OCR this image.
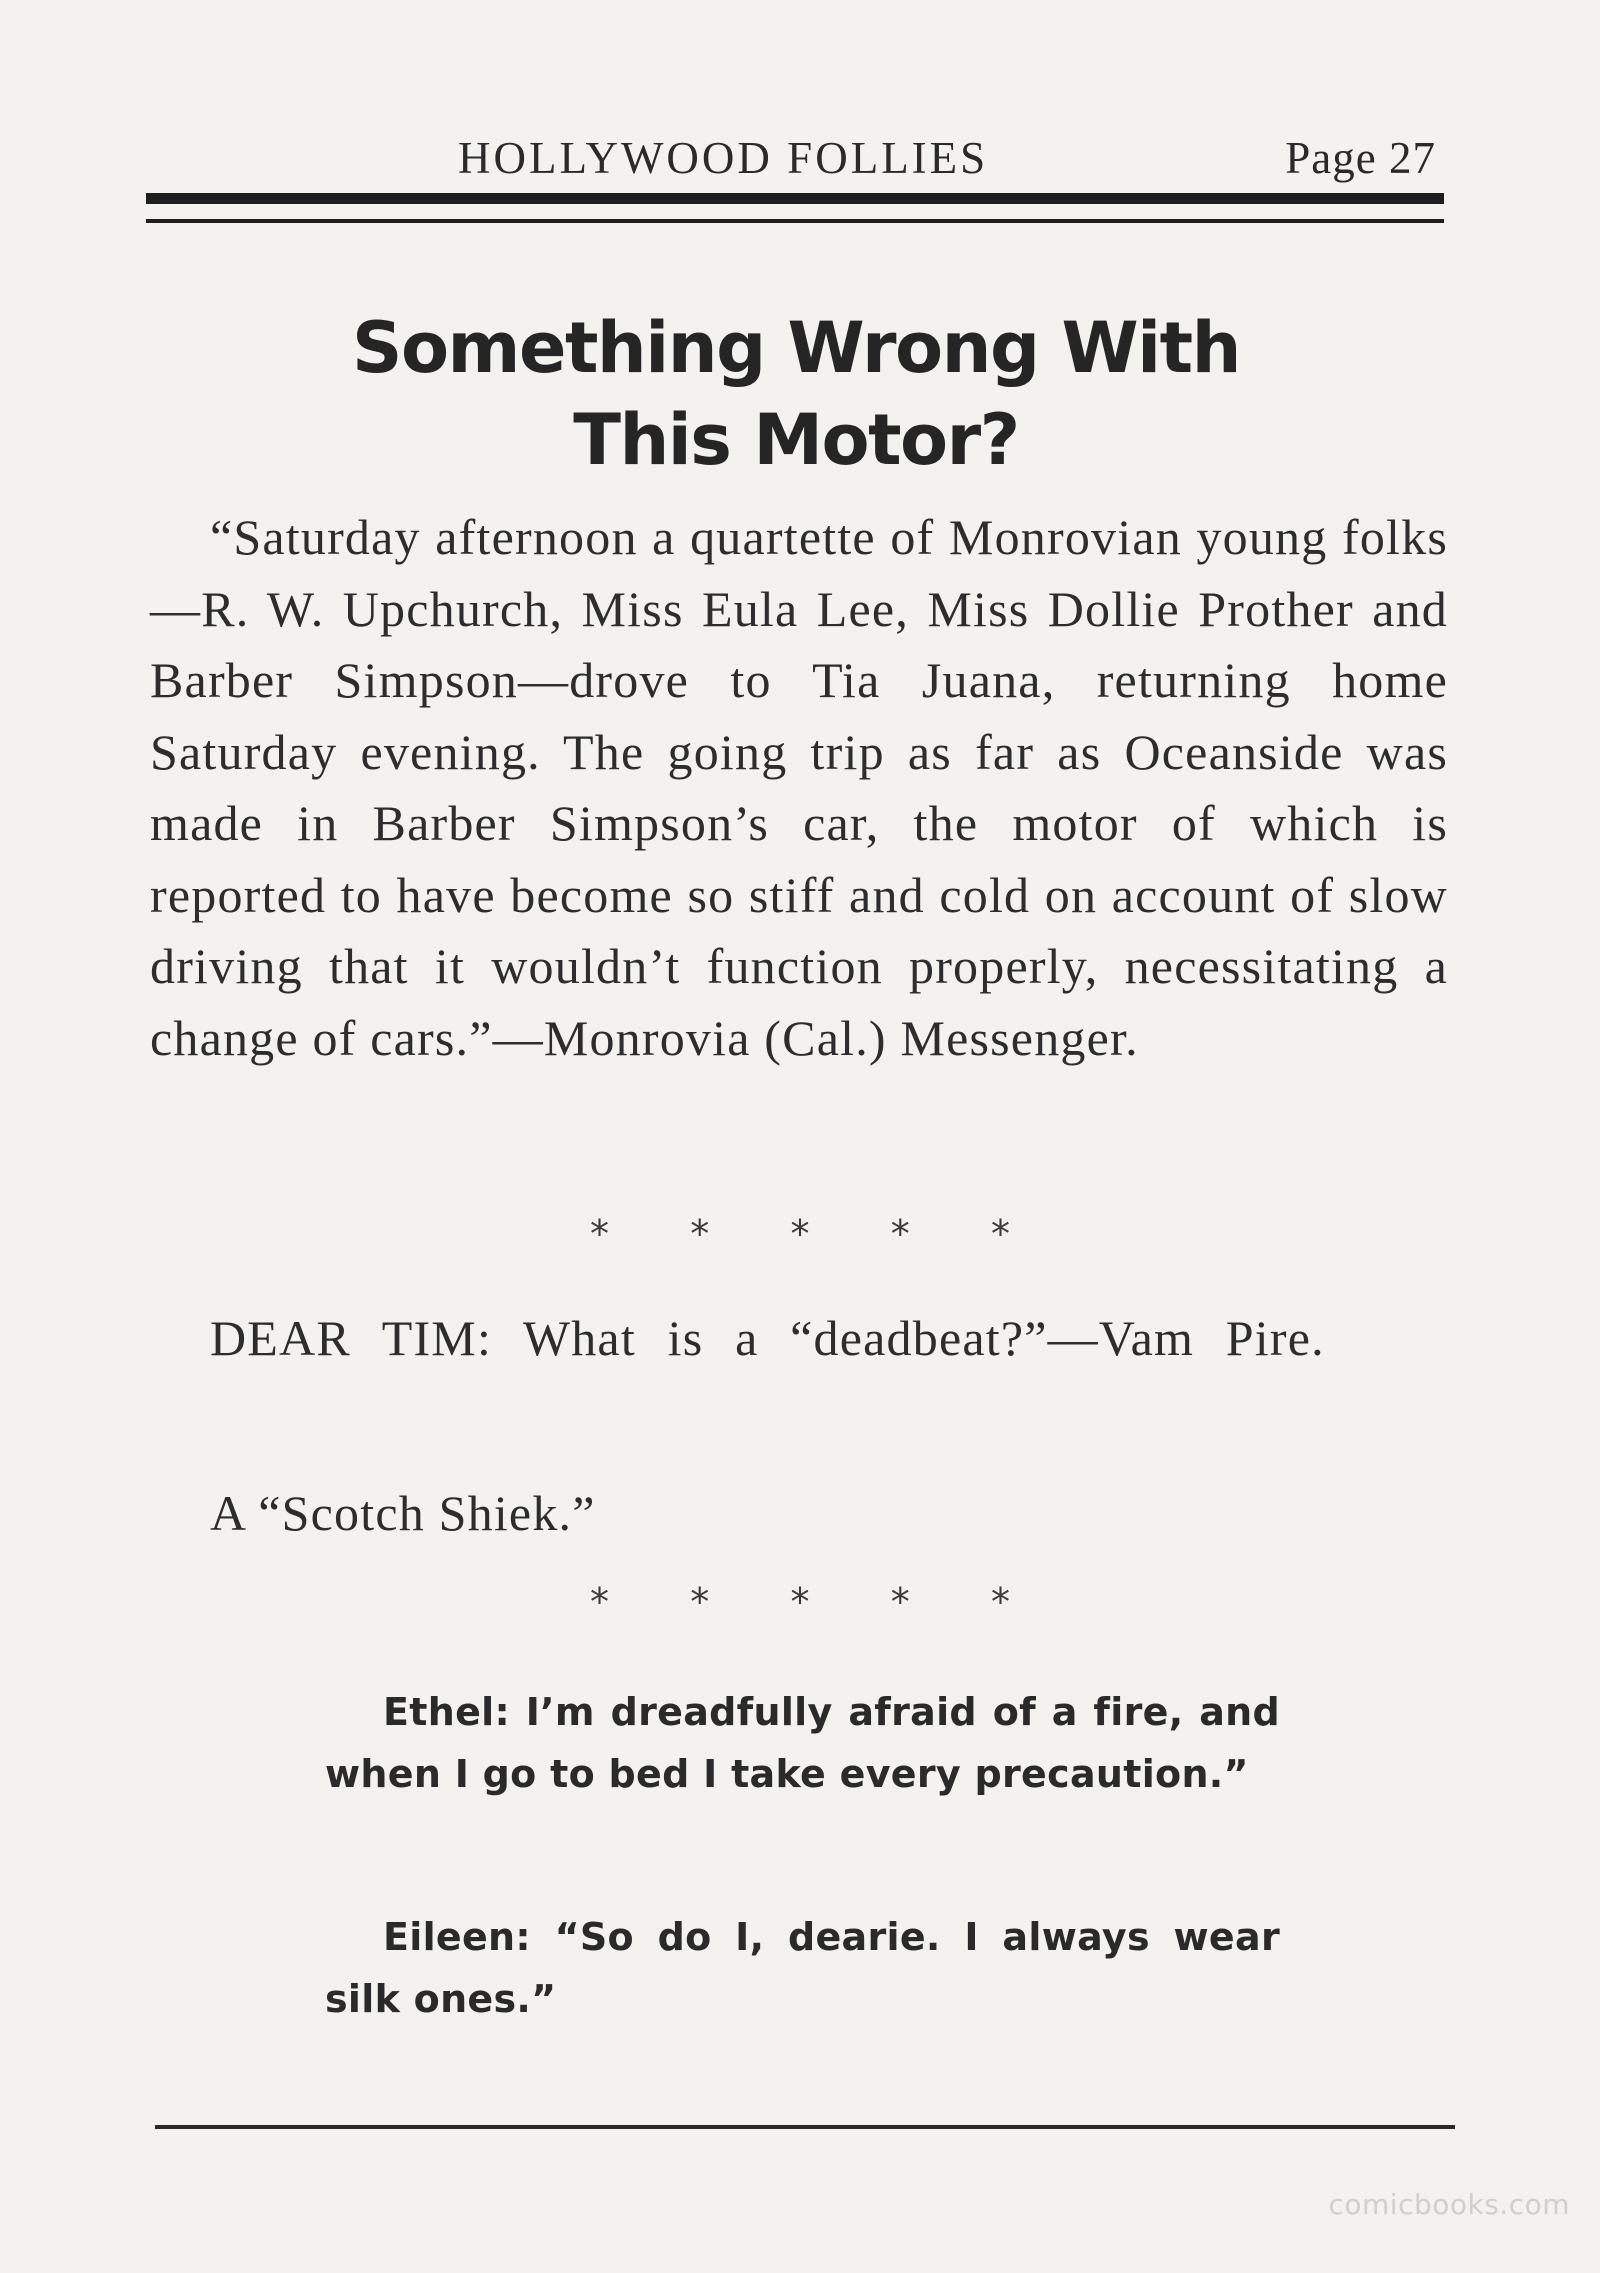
HOLLYWOOD FOLLIES	Page 27
Something Wrong With
This Motor?

“Saturday afternoon a quartette of Monrovian young folks—R. W. Upchurch, Miss Eula Lee, Miss Dollie Prother and Barber Simpson—drove to Tia Juana, returning home Saturday evening. The going trip as far as Oceanside was made in Barber Simpson’s car, the motor of which is reported to have become so stiff and cold on account of slow driving that it wouldn’t function properly, necessitating a change of cars.”—Monrovia (Cal.) Messenger.

* * * * *

DEAR TIM: What is a “deadbeat?”—Vam Pire.

A “Scotch Shiek.”

* * * * *

Ethel: I’m dreadfully afraid of a fire, and when I go to bed I take every precaution.”

Eileen: “So do I, dearie. I always wear silk ones.”

comicbooks.com
